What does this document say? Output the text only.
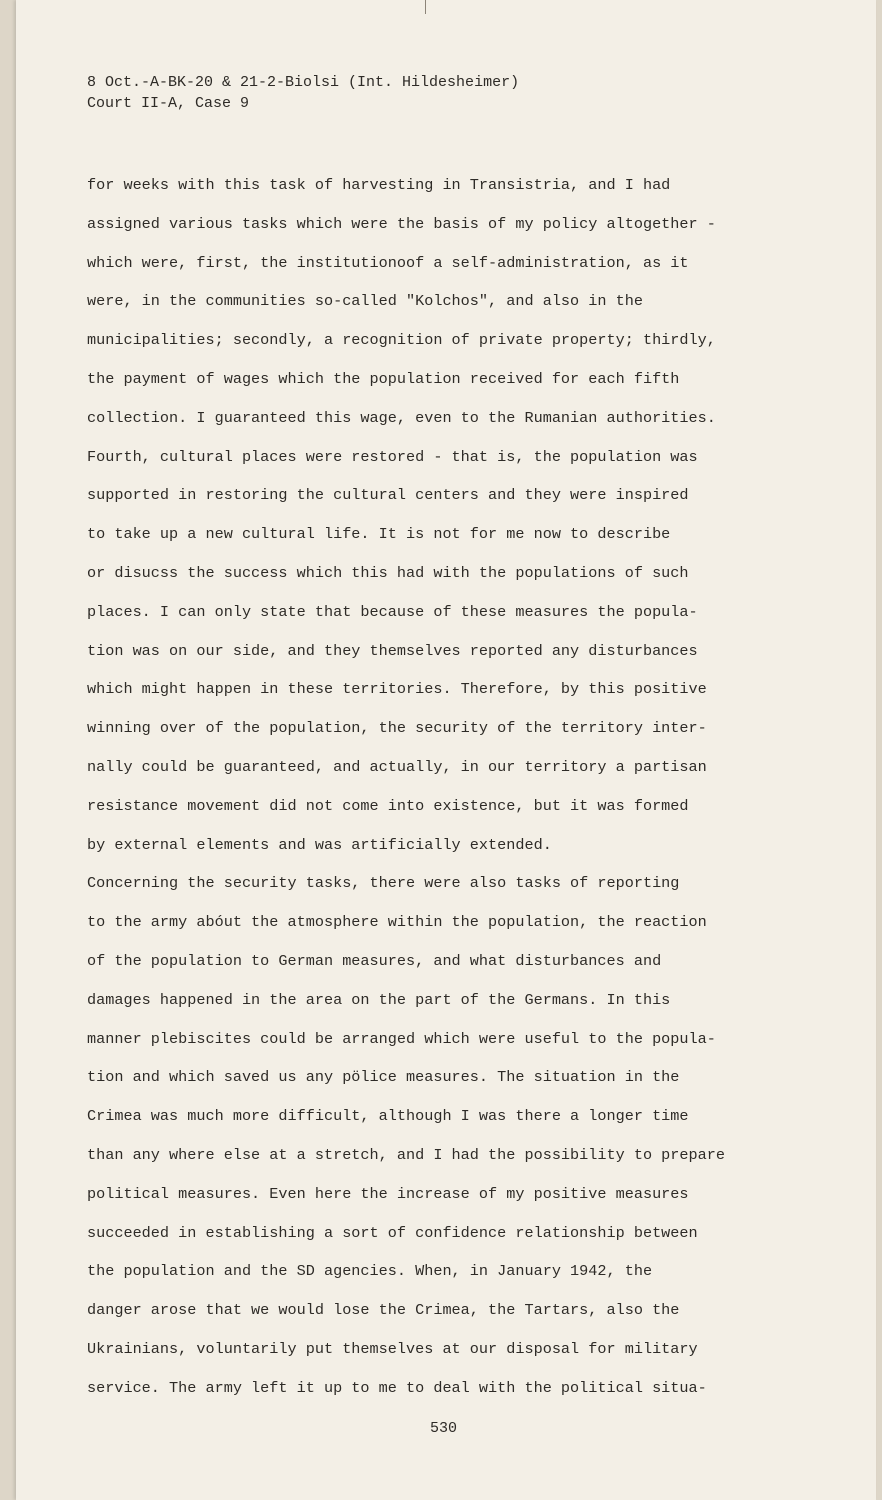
8 Oct.-A-BK-20 & 21-2-Biolsi (Int. Hildesheimer)
Court II-A, Case 9
for weeks with this task of harvesting in Transistria, and I had
assigned various tasks which were the basis of my policy altogether -
which were, first, the institutionoof a self-administration, as it
were, in the communities so-called "Kolchos", and also in the
municipalities; secondly, a recognition of private property; thirdly,
the payment of wages which the population received for each fifth
collection. I guaranteed this wage, even to the Rumanian authorities.
Fourth, cultural places were restored - that is, the population was
supported in restoring the cultural centers and they were inspired
to take up a new cultural life. It is not for me now to describe
or disucss the success which this had with the populations of such
places. I can only state that because of these measures the popula-
tion was on our side, and they themselves reported any disturbances
which might happen in these territories. Therefore, by this positive
winning over of the population, the security of the territory inter-
nally could be guaranteed, and actually, in our territory a partisan
resistance movement did not come into existence, but it was formed
by external elements and was artificially extended.
Concerning the security tasks, there were also tasks of reporting
to the army abóut the atmosphere within the population, the reaction
of the population to German measures, and what disturbances and
damages happened in the area on the part of the Germans. In this
manner plebiscites could be arranged which were useful to the popula-
tion and which saved us any pölice measures. The situation in the
Crimea was much more difficult, although I was there a longer time
than any where else at a stretch, and I had the possibility to prepare
political measures. Even here the increase of my positive measures
succeeded in establishing a sort of confidence relationship between
the population and the SD agencies. When, in January 1942, the
danger arose that we would lose the Crimea, the Tartars, also the
Ukrainians, voluntarily put themselves at our disposal for military
service. The army left it up to me to deal with the political situa-
530
